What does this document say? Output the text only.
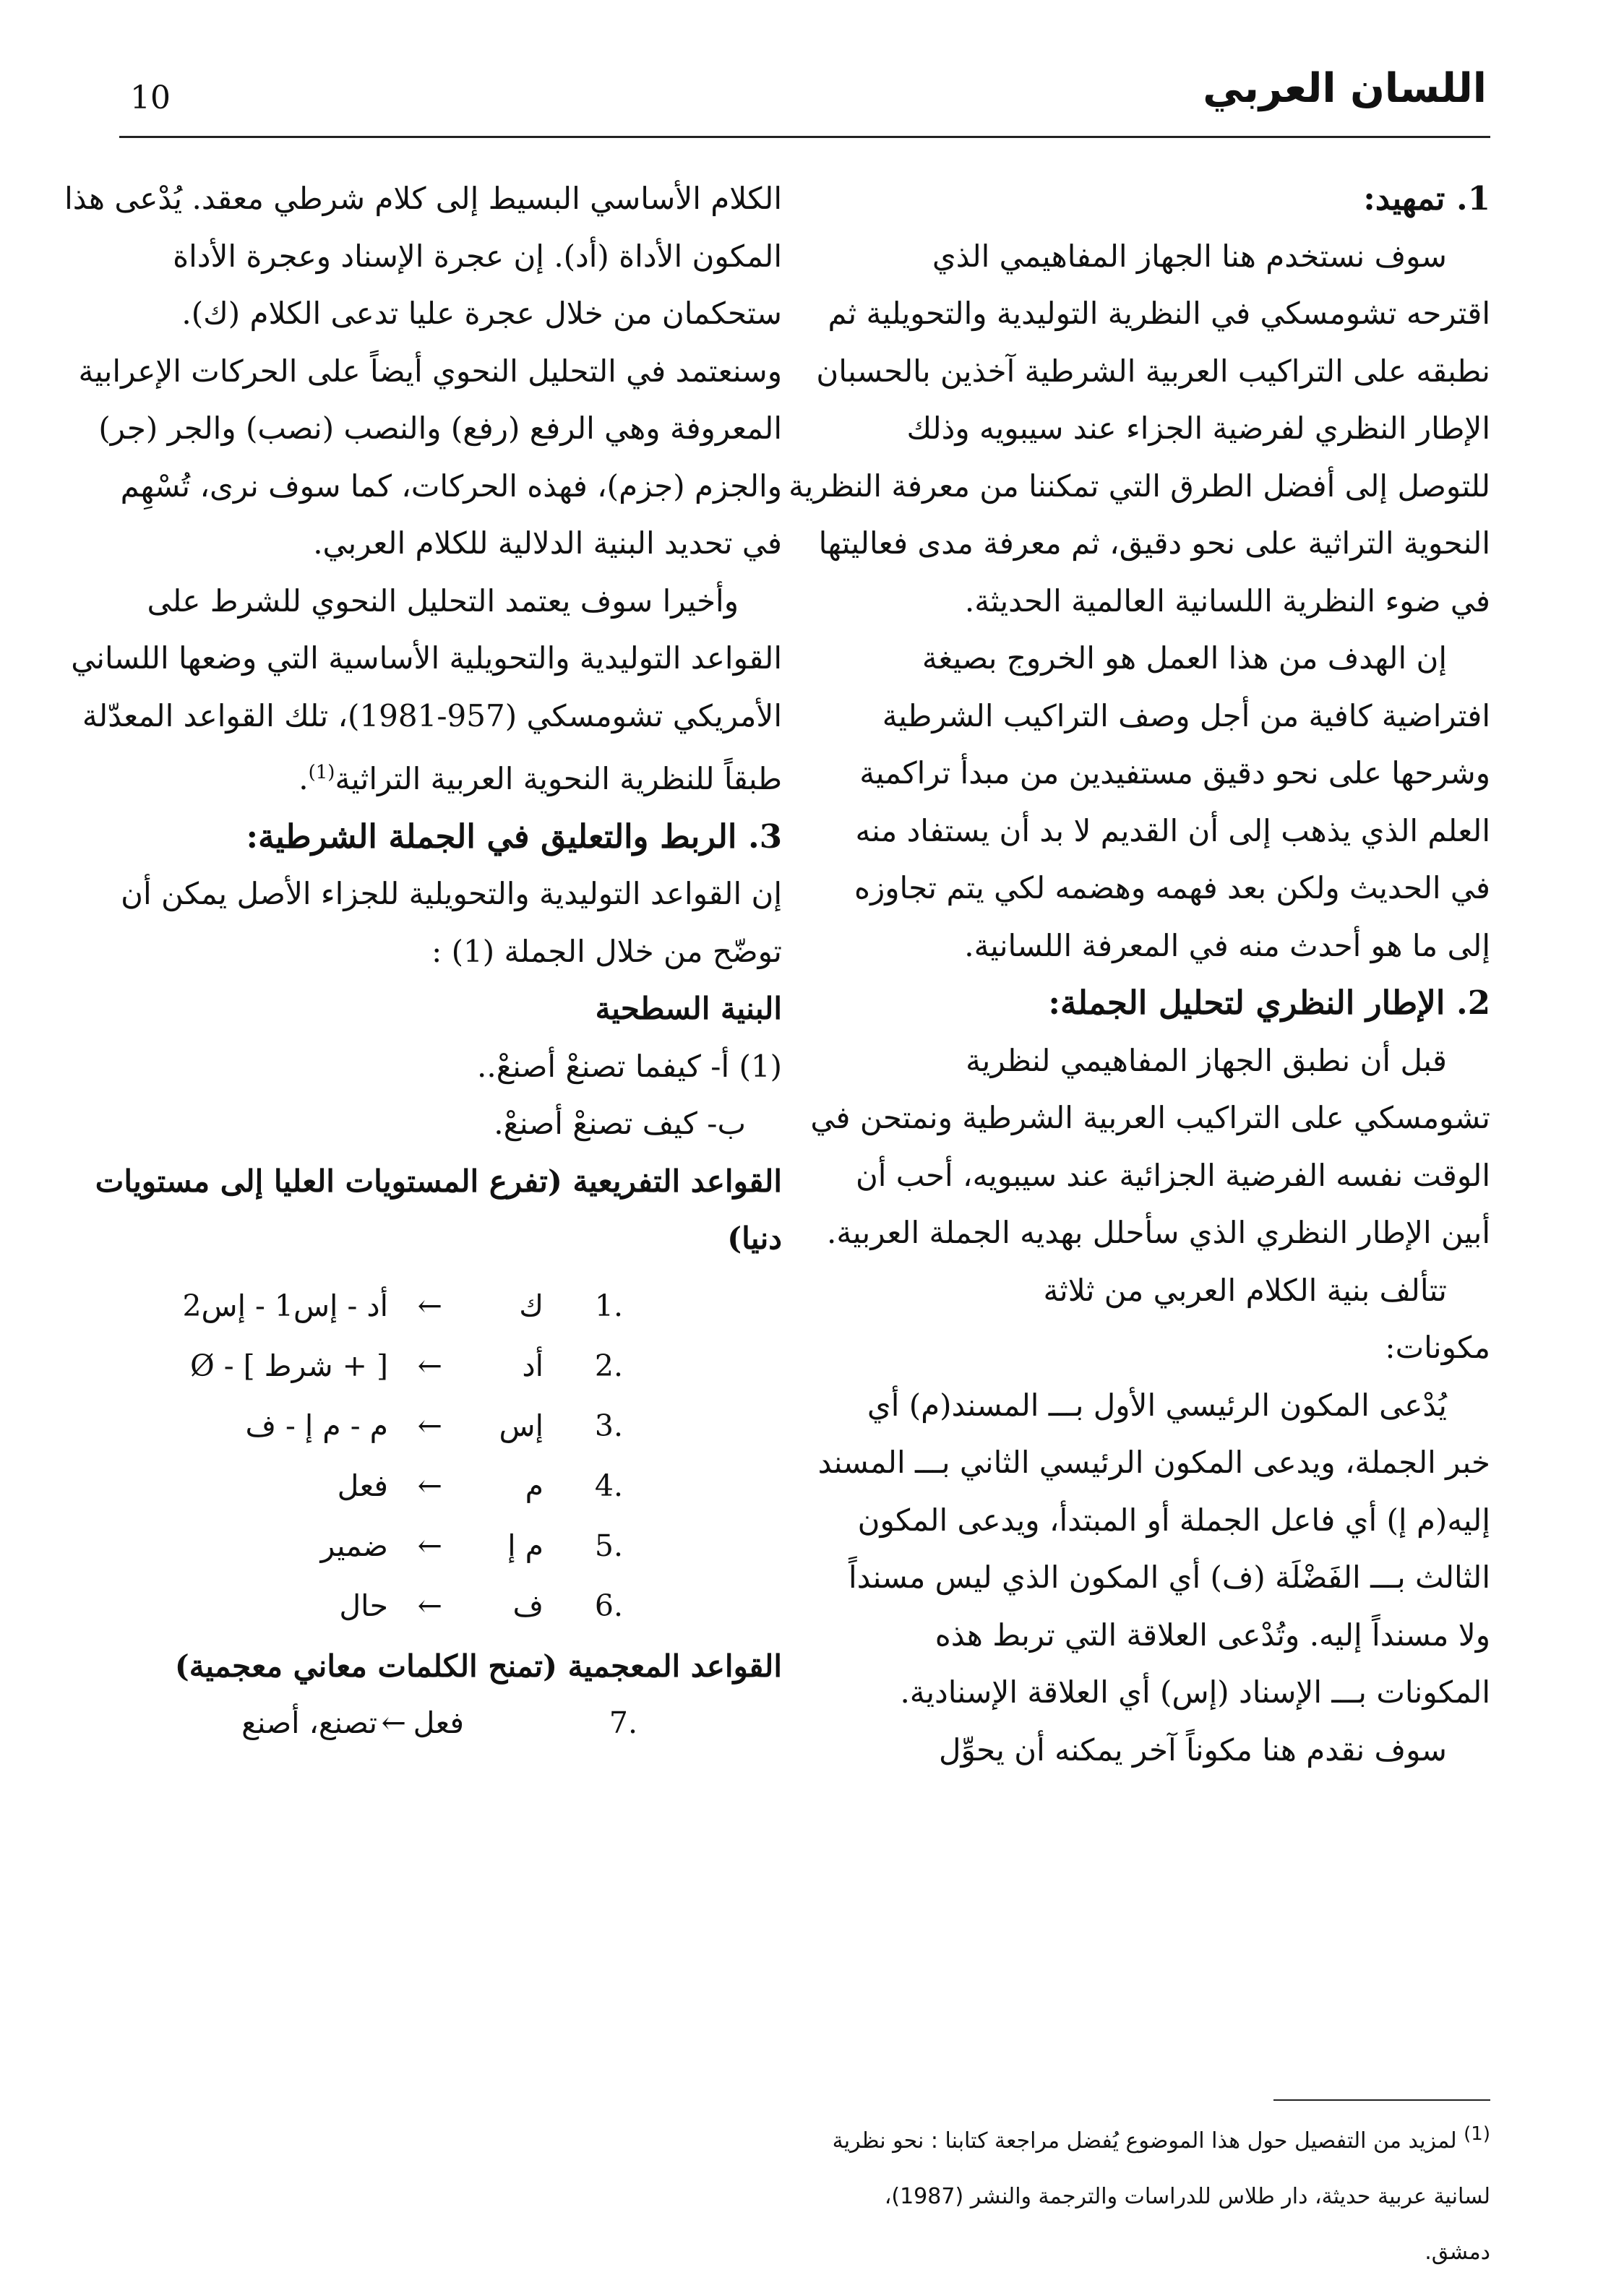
اللسان العربي
10

1. تمهيد:

سوف نستخدم هنا الجهاز المفاهيمي الذي

اقترحه تشومسكي في النظرية التوليدية والتحويلية ثم

نطبقه على التراكيب العربية الشرطية آخذين بالحسبان

الإطار النظري لفرضية الجزاء عند سيبويه وذلك

للتوصل إلى أفضل الطرق التي تمكننا من معرفة النظرية

النحوية التراثية على نحو دقيق، ثم معرفة مدى فعاليتها

في ضوء النظرية اللسانية العالمية الحديثة.

إن الهدف من هذا العمل هو الخروج بصيغة

افتراضية كافية من أجل وصف التراكيب الشرطية

وشرحها على نحو دقيق مستفيدين من مبدأ تراكمية

العلم الذي يذهب إلى أن القديم لا بد أن يستفاد منه

في الحديث ولكن بعد فهمه وهضمه لكي يتم تجاوزه

إلى ما هو أحدث منه في المعرفة اللسانية.

2. الإطار النظري لتحليل الجملة:

قبل أن نطبق الجهاز المفاهيمي لنظرية

تشومسكي على التراكيب العربية الشرطية ونمتحن في

الوقت نفسه الفرضية الجزائية عند سيبويه، أحب أن

أبين الإطار النظري الذي سأحلل بهديه الجملة العربية.

تتألف بنية الكلام العربي من ثلاثة

مكونات:

يُدْعى المكون الرئيسي الأول بـــ المسند(م) أي

خبر الجملة، ويدعى المكون الرئيسي الثاني بـــ المسند

إليه(م إ) أي فاعل الجملة أو المبتدأ، ويدعى المكون

الثالث بـــ الفَضْلَة (ف) أي المكون الذي ليس مسنداً

ولا مسنداً إليه. وتُدْعى العلاقة التي تربط هذه

المكونات بـــ الإسناد (إس) أي العلاقة الإسنادية.

سوف نقدم هنا مكوناً آخر يمكنه أن يحوِّل

الكلام الأساسي البسيط إلى كلام شرطي معقد. يُدْعى هذا

المكون الأداة (أد). إن عجرة الإسناد وعجرة الأداة

ستحكمان من خلال عجرة عليا تدعى الكلام (ك).

وسنعتمد في التحليل النحوي أيضاً على الحركات الإعرابية

المعروفة وهي الرفع (رفع) والنصب (نصب) والجر (جر)

والجزم (جزم)، فهذه الحركات، كما سوف نرى، تُسْهِم

في تحديد البنية الدلالية للكلام العربي.

وأخيرا سوف يعتمد التحليل النحوي للشرط على

القواعد التوليدية والتحويلية الأساسية التي وضعها اللساني

الأمريكي تشومسكي (957-1981)، تلك القواعد المعدّلة

طبقاً للنظرية النحوية العربية التراثية$^{(1)}$.

3. الربط والتعليق في الجملة الشرطية:

إن القواعد التوليدية والتحويلية للجزاء الأصل يمكن أن

توضّح من خلال الجملة (1) :

البنية السطحية

(1) أ- كيفما تصنعْ أصنعْ..

ب- كيف تصنعْ أصنعْ.

القواعد التفريعية (تفرع المستويات العليا إلى مستويات

دنيا)

1.
ك
←
أد - إس1 - إس2
2.
أد
←
[ + شرط ] - Ø
3.
إس
←
م - م إ - ف
4.
م
←
فعل
5.
م إ
←
ضمير
6.
ف
←
حال

القواعد المعجمية (تمنح الكلمات معاني معجمية)

7.
فعل
←
تصنع، أصنع
(1) لمزيد من التفصيل حول هذا الموضوع يُفضل مراجعة كتابنا : نحو نظرية
لسانية عربية حديثة، دار طلاس للدراسات والترجمة والنشر (1987)، دمشق.
